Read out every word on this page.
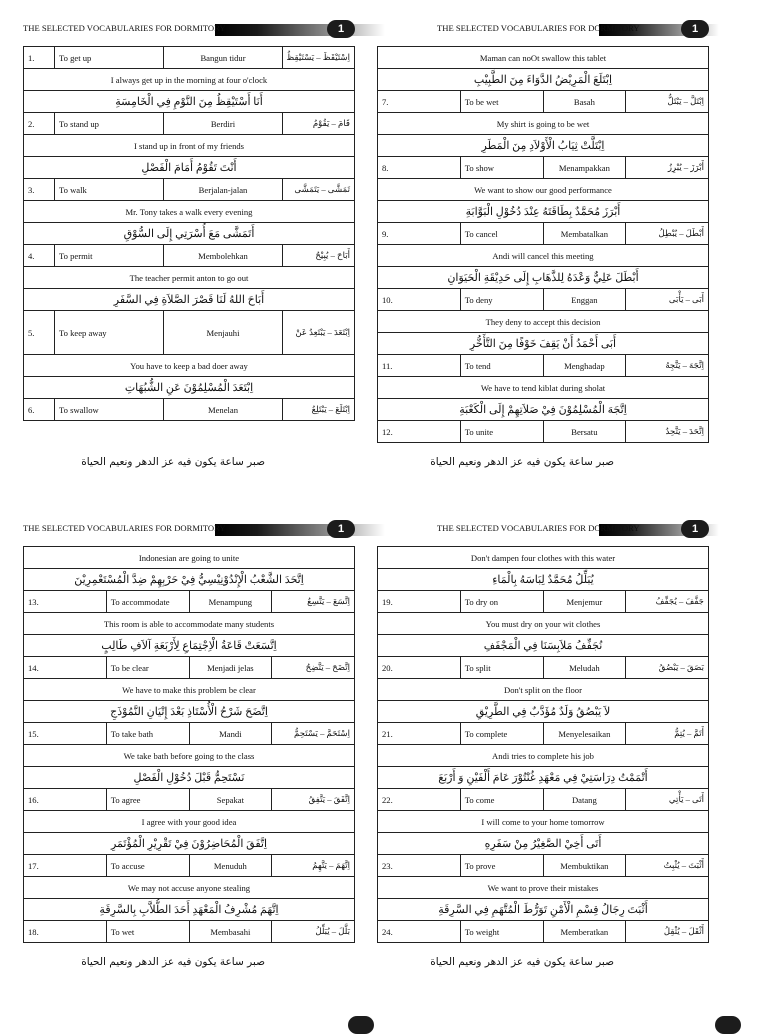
THE SELECTED VOCABULARIES FOR DORMITORY	1
1.	To get up	Bangun tidur	اِسْتَيْقَظَ – يَسْتَيْقِظُ
I always get up in the morning at four o'clock			
أَنَا أَسْتَيْقِظُ مِنَ النَّوْمِ فِي الْخَامِسَةِ			
2.	To stand up	Berdiri	قَامَ – يَقُوْمُ
I stand up in front of my friends			
أَنْتَ تَقُوْمُ أَمَامَ الْفَصْلِ			
3.	To walk	Berjalan-jalan	تَمَشَّى – يَتَمَشَّى
Mr. Tony takes a walk every evening			
أَتَمَشَّى مَعَ أُسْرَتِي إِلَى السُّوْقِ			
4.	To permit	Membolehkan	أَبَاحَ – يُبِيْحُ
The teacher permit anton to go out			
أَبَاحَ اللهُ لَنَا قَصْرَ الصَّلاَةِ فِي السَّفَرِ			
5.	To keep away	Menjauhi	اِبْتَعَدَ – يَبْتَعِدُ عَنْ
You have to keep a bad doer away			
اِبْتَعَدَ الْمُسْلِمُوْنَ عَنِ الشُّبُهَاتِ			
6.	To swallow	Menelan	اِبْتَلَعَ – يَبْتَلِعُ
صبر ساعة يكون فيه عز الدهر ونعيم الحياة
THE SELECTED VOCABULARIES FOR DORMITORY	1
Maman can noOt swallow this tablet			
اِبْتَلَعَ الْمَرِيْضُ الدَّوَاءَ مِنَ الطَّبِيْبِ			
7.	To be wet	Basah	اِبْتَلَّ – يَبْتَلُّ
My shirt is going to be wet			
اِبْتَلَّتْ ثِيَابُ الْأَوْلاَدِ مِنَ الْمَطَرِ			
8.	To show	Menampakkan	أَبْرَزَ – يُبْرِزُ
We want to show our good performance			
أَبْرَزَ مُحَمَّدٌ بِطَاقَتَهُ عِنْدَ دُخُوْلِ الْبَوَّابَةِ			
9.	To cancel	Membatalkan	أَبْطَلَ – يُبْطِلُ
Andi will cancel this meeting			
أَبْطَلَ عَلِيٌّ وَعْدَهُ لِلذَّهَابِ إِلَى حَدِيْقَةِ الْحَيَوَانِ			
10.	To deny	Enggan	أَبَى – يَأْبَى
They deny to accept this decision			
أَبَى أَحْمَدُ أَنْ يَقِفَ خَوْفًا مِنَ التَّأَخُّرِ			
11.	To tend	Menghadap	اِتَّجَهَ – يَتَّجِهُ
We have to tend kiblat during sholat			
اِتَّجَهَ الْمُسْلِمُوْنَ فِيْ صَلاَتِهِمْ إِلَى الْكَعْبَةِ			
12.	To unite	Bersatu	اِتَّحَدَ – يَتَّحِدُ
صبر ساعة يكون فيه عز الدهر ونعيم الحياة
THE SELECTED VOCABULARIES FOR DORMITORY	1
Indonesian are going to unite			
اِتَّحَدَ الشَّعْبُ الْإِنْدُوْنِيْسِيُّ فِيْ حَرْبِهِمْ ضِدَّ الْمُسْتَعْمِرِيْنَ			
13.	To accommodate	Menampung	اِتَّسَعَ – يَتَّسِعُ
This room is able to accommodate many students			
اِتَّسَعَتْ قَاعَةُ الْاِجْتِمَاعِ لِأَرْبَعَةِ آلاَفِ طَالِبٍ			
14.	To be clear	Menjadi jelas	اِتَّضَحَ – يَتَّضِحُ
We have to make this problem be clear			
اِتَّضَحَ شَرْحُ الْأُسْتَاذِ بَعْدَ إِتْيَانِ النَّمُوْذَجِ			
15.	To take bath	Mandi	اِسْتَحَمَّ – يَسْتَحِمُّ
We take bath before going to the class			
نَسْتَحِمُّ قَبْلَ دُخُوْلِ الْفَصْلِ			
16.	To agree	Sepakat	اِتَّفَقَ – يَتَّفِقُ
I agree with your good idea			
اِتَّفَقَ الْمُحَاضِرُوْنَ فِيْ تَقْرِيْرِ الْمُؤْتَمَرِ			
17.	To accuse	Menuduh	اِتَّهَمَ – يَتَّهِمُ
We may not accuse anyone stealing			
اِتَّهَمَ مُشْرِفُ الْمَعْهَدِ أَحَدَ الطُّلاَّبِ بِالسَّرِقَةِ			
18.	To wet	Membasahi	بَلَّلَ – يُبَلِّلُ
صبر ساعة يكون فيه عز الدهر ونعيم الحياة
THE SELECTED VOCABULARIES FOR DORMITORY	1
Don't dampen four clothes with this water			
يُبَلِّلُ مُحَمَّدٌ لِبَاسَهُ بِالْمَاءِ			
19.	To dry on	Menjemur	جَفَّفَ – يُجَفِّفُ
You must dry on your wit clothes			
نُجَفِّفُ مَلاَبِسَنَا فِي الْمَجْفَفِ			
20.	To split	Meludah	بَصَقَ – يَبْصُقُ
Don't split on the floor			
لاَ يَبْصُقُ وَلَدٌ مُؤَدَّبٌ فِي الطَّرِيْقِ			
21.	To complete	Menyelesaikan	أَتَمَّ – يُتِمُّ
Andi tries to complete his job			
أَتْمَمْتُ دِرَاسَتِيْ فِي مَعْهَدِ غُنْتُوْرَ عَامَ أَلْفَيْنِ وَ أَرْبَعَ			
22.	To come	Datang	أَتَى – يَأْتِي
I will come to your home tomorrow			
أَتَى أَخِيْ الصَّغِيْرُ مِنْ سَفَرِهِ			
23.	To prove	Membuktikan	أَثْبَتَ – يُثْبِتُ
We want to prove their mistakes			
أَثْبَتَ رِجَالُ قِسْمِ الْأَمْنِ تَوَرُّطَ الْمُتَّهَمِ فِي السَّرِقَةِ			
24.	To weight	Memberatkan	أَثْقَلَ – يُثْقِلُ
صبر ساعة يكون فيه عز الدهر ونعيم الحياة
